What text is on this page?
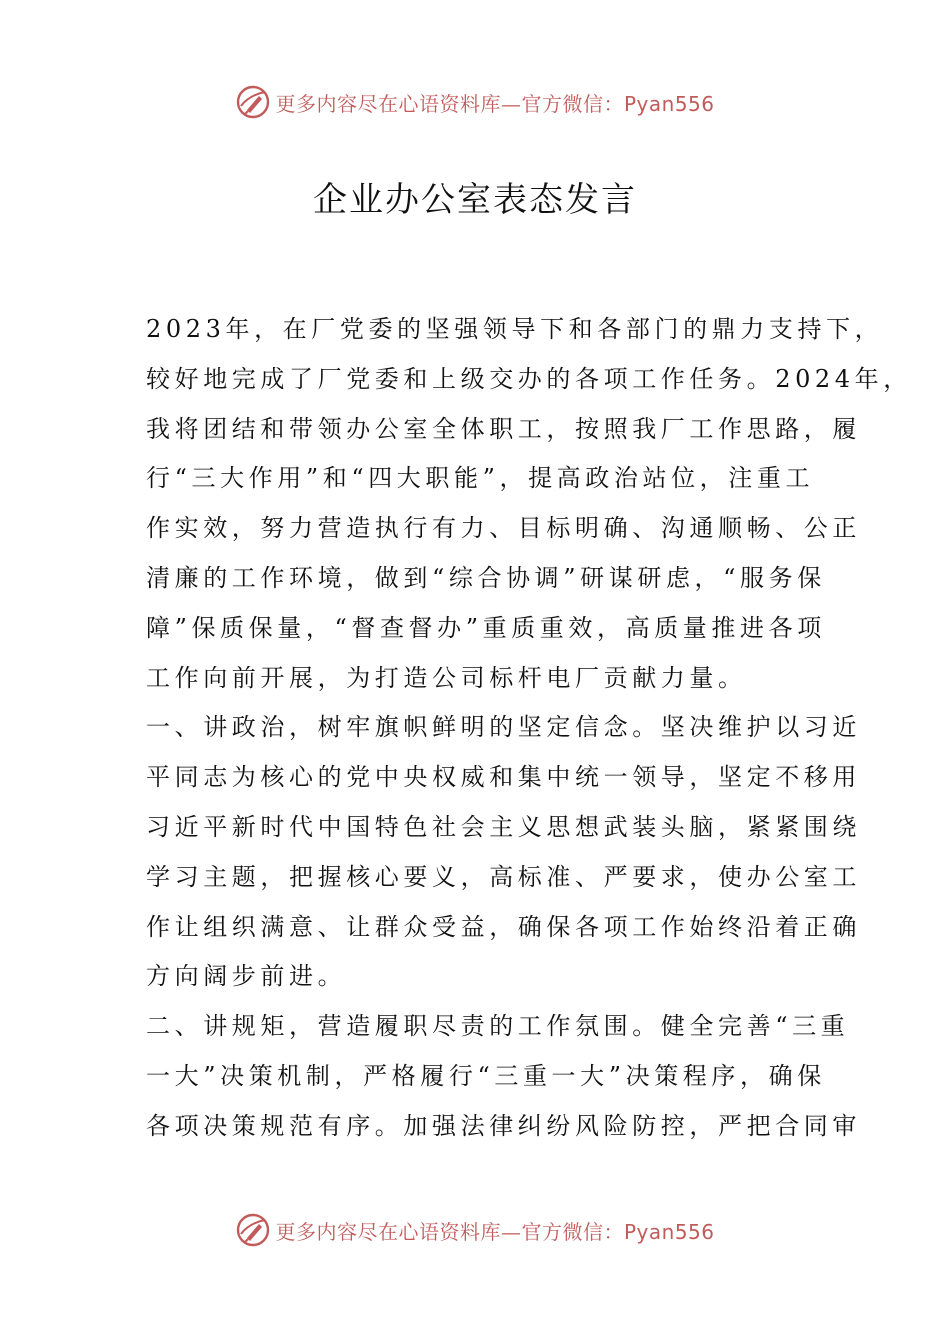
更多内容尽在心语资料库—官方微信：Pyan556
企业办公室表态发言
2023年，在厂党委的坚强领导下和各部门的鼎力支持下，
较好地完成了厂党委和上级交办的各项工作任务。2024年，
我将团结和带领办公室全体职工，按照我厂工作思路，履
行“三大作用”和“四大职能”，提高政治站位，注重工
作实效，努力营造执行有力、目标明确、沟通顺畅、公正
清廉的工作环境，做到“综合协调”研谋研虑，“服务保
障”保质保量，“督查督办”重质重效，高质量推进各项
工作向前开展，为打造公司标杆电厂贡献力量。
一、讲政治，树牢旗帜鲜明的坚定信念。坚决维护以习近
平同志为核心的党中央权威和集中统一领导，坚定不移用
习近平新时代中国特色社会主义思想武装头脑，紧紧围绕
学习主题，把握核心要义，高标准、严要求，使办公室工
作让组织满意、让群众受益，确保各项工作始终沿着正确
方向阔步前进。
二、讲规矩，营造履职尽责的工作氛围。健全完善“三重
一大”决策机制，严格履行“三重一大”决策程序，确保
各项决策规范有序。加强法律纠纷风险防控，严把合同审
更多内容尽在心语资料库—官方微信：Pyan556
